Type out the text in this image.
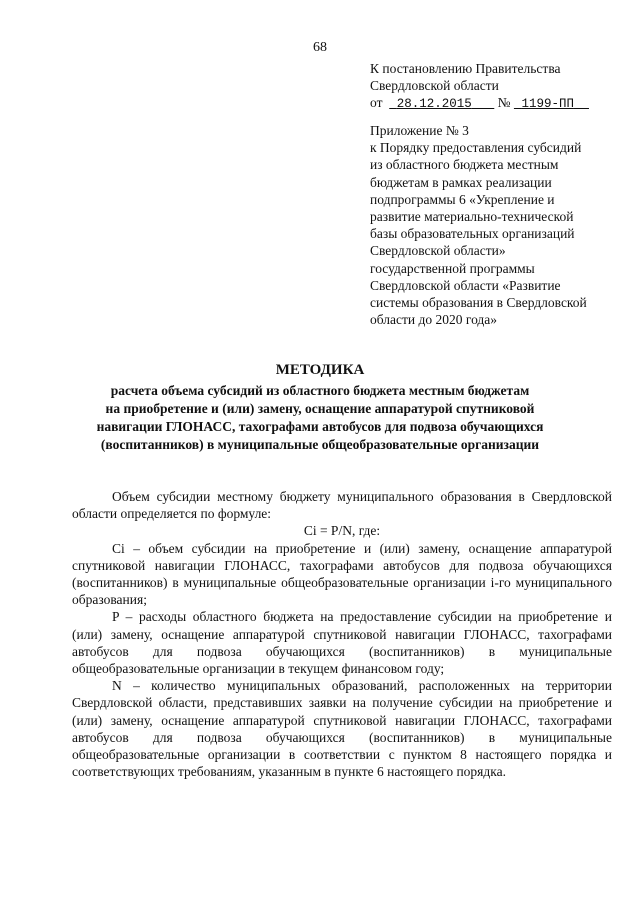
68
К постановлению Правительства
Свердловской области
от 28.12.2015 № 1199-ПП
Приложение № 3
к Порядку предоставления субсидий
из областного бюджета местным
бюджетам в рамках реализации
подпрограммы 6 «Укрепление и
развитие материально-технической
базы образовательных организаций
Свердловской области»
государственной программы
Свердловской области «Развитие
системы образования в Свердловской
области до 2020 года»
МЕТОДИКА
расчета объема субсидий из областного бюджета местным бюджетам
на приобретение и (или) замену, оснащение аппаратурой спутниковой
навигации ГЛОНАСС, тахографами автобусов для подвоза обучающихся
(воспитанников) в муниципальные общеобразовательные организации

Объем субсидии местному бюджету муниципального образования в Свердловской области определяется по формуле:

Ci = P/N, где:

Ci – объем субсидии на приобретение и (или) замену, оснащение аппаратурой спутниковой навигации ГЛОНАСС, тахографами автобусов для подвоза обучающихся (воспитанников) в муниципальные общеобразовательные организации i-го муниципального образования;

P – расходы областного бюджета на предоставление субсидии на приобретение и (или) замену, оснащение аппаратурой спутниковой навигации ГЛОНАСС, тахографами автобусов для подвоза обучающихся (воспитанников) в муниципальные общеобразовательные организации в текущем финансовом году;

N – количество муниципальных образований, расположенных на территории Свердловской области, представивших заявки на получение субсидии на приобретение и (или) замену, оснащение аппаратурой спутниковой навигации ГЛОНАСС, тахографами автобусов для подвоза обучающихся (воспитанников) в муниципальные общеобразовательные организации в соответствии с пунктом 8 настоящего порядка и соответствующих требованиям, указанным в пункте 6 настоящего порядка.
